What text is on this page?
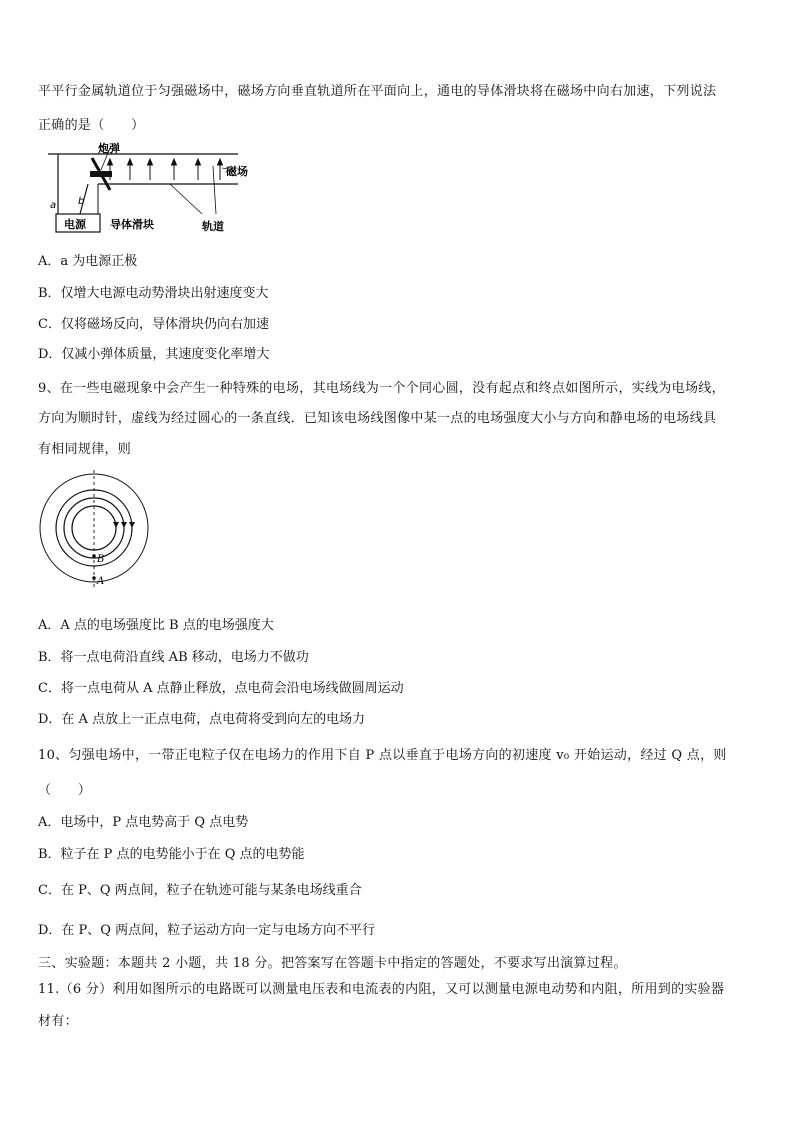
平平行金属轨道位于匀强磁场中，磁场方向垂直轨道所在平面向上，通电的导体滑块将在磁场中向右加速，下列说法
正确的是（　　）
炮弹
磁场
电源 导体滑块	轨道
a b
A．a 为电源正极
B．仅增大电源电动势滑块出射速度变大
C．仅将磁场反向，导体滑块仍向右加速
D．仅减小弹体质量，其速度变化率增大
9、在一些电磁现象中会产生一种特殊的电场，其电场线为一个个同心圆，没有起点和终点如图所示，实线为电场线，
方向为顺时针，虚线为经过圆心的一条直线．已知该电场线图像中某一点的电场强度大小与方向和静电场的电场线具
有相同规律，则
B
A
A．A 点的电场强度比 B 点的电场强度大
B．将一点电荷沿直线 AB 移动，电场力不做功
C．将一点电荷从 A 点静止释放，点电荷会沿电场线做圆周运动
D．在 A 点放上一正点电荷，点电荷将受到向左的电场力
10、匀强电场中，一带正电粒子仅在电场力的作用下自 P 点以垂直于电场方向的初速度 v₀ 开始运动，经过 Q 点，则
（　　）
A．电场中，P 点电势高于 Q 点电势
B．粒子在 P 点的电势能小于在 Q 点的电势能
C．在 P、Q 两点间，粒子在轨迹可能与某条电场线重合
D．在 P、Q 两点间，粒子运动方向一定与电场方向不平行
三、实验题：本题共 2 小题，共 18 分。把答案写在答题卡中指定的答题处，不要求写出演算过程。
11.（6 分）利用如图所示的电路既可以测量电压表和电流表的内阻，又可以测量电源电动势和内阻，所用到的实验器
材有：
